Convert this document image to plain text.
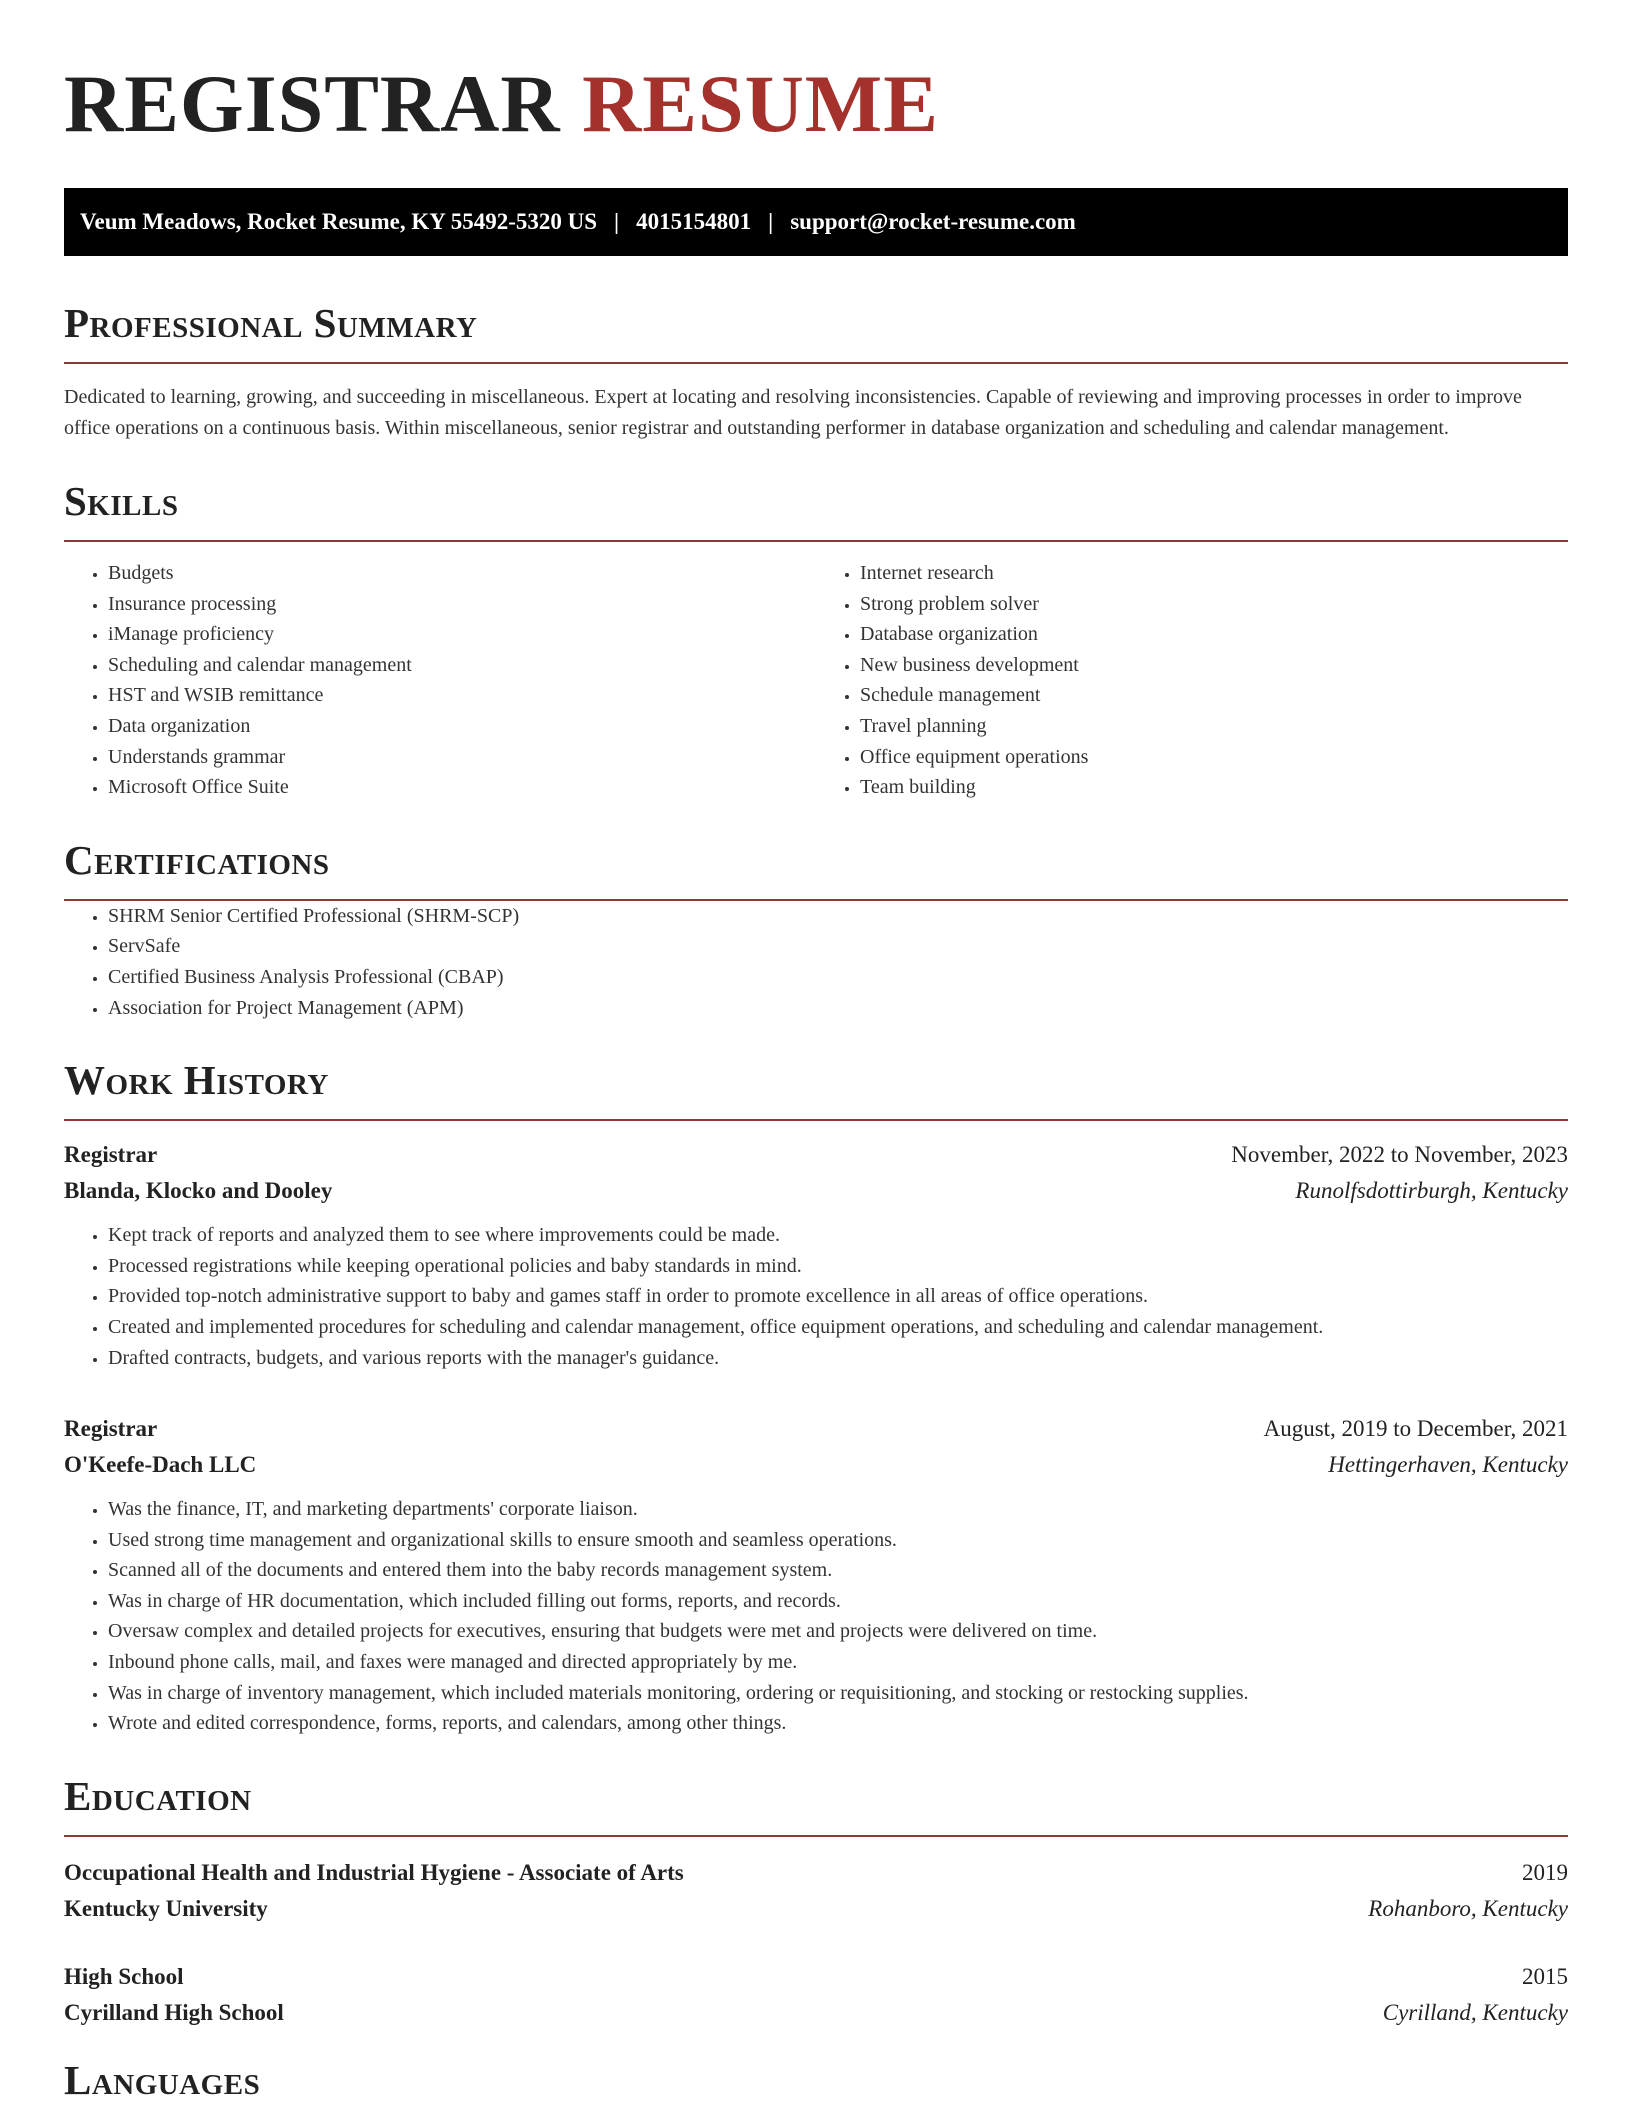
REGISTRAR RESUME
Veum Meadows, Rocket Resume, KY 55492-5320 US | 4015154801 | support@rocket-resume.com
Professional Summary

Dedicated to learning, growing, and succeeding in miscellaneous. Expert at locating and resolving inconsistencies. Capable of reviewing and improving processes in order to improve office operations on a continuous basis. Within miscellaneous, senior registrar and outstanding performer in database organization and scheduling and calendar management.

Skills
• Budgets
• Insurance processing
• iManage proficiency
• Scheduling and calendar management
• HST and WSIB remittance
• Data organization
• Understands grammar
• Microsoft Office Suite
• Internet research
• Strong problem solver
• Database organization
• New business development
• Schedule management
• Travel planning
• Office equipment operations
• Team building
Certifications
• SHRM Senior Certified Professional (SHRM-SCP)
• ServSafe
• Certified Business Analysis Professional (CBAP)
• Association for Project Management (APM)
Work History
Registrar	November, 2022 to November, 2023
Blanda, Klocko and Dooley	Runolfsdottirburgh, Kentucky
• Kept track of reports and analyzed them to see where improvements could be made.
• Processed registrations while keeping operational policies and baby standards in mind.
• Provided top-notch administrative support to baby and games staff in order to promote excellence in all areas of office operations.
• Created and implemented procedures for scheduling and calendar management, office equipment operations, and scheduling and calendar management.
• Drafted contracts, budgets, and various reports with the manager's guidance.
Registrar	August, 2019 to December, 2021
O'Keefe-Dach LLC	Hettingerhaven, Kentucky
• Was the finance, IT, and marketing departments' corporate liaison.
• Used strong time management and organizational skills to ensure smooth and seamless operations.
• Scanned all of the documents and entered them into the baby records management system.
• Was in charge of HR documentation, which included filling out forms, reports, and records.
• Oversaw complex and detailed projects for executives, ensuring that budgets were met and projects were delivered on time.
• Inbound phone calls, mail, and faxes were managed and directed appropriately by me.
• Was in charge of inventory management, which included materials monitoring, ordering or requisitioning, and stocking or restocking supplies.
• Wrote and edited correspondence, forms, reports, and calendars, among other things.
Education
Occupational Health and Industrial Hygiene - Associate of Arts	2019
Kentucky University	Rohanboro, Kentucky
High School	2015
Cyrilland High School	Cyrilland, Kentucky
Languages
